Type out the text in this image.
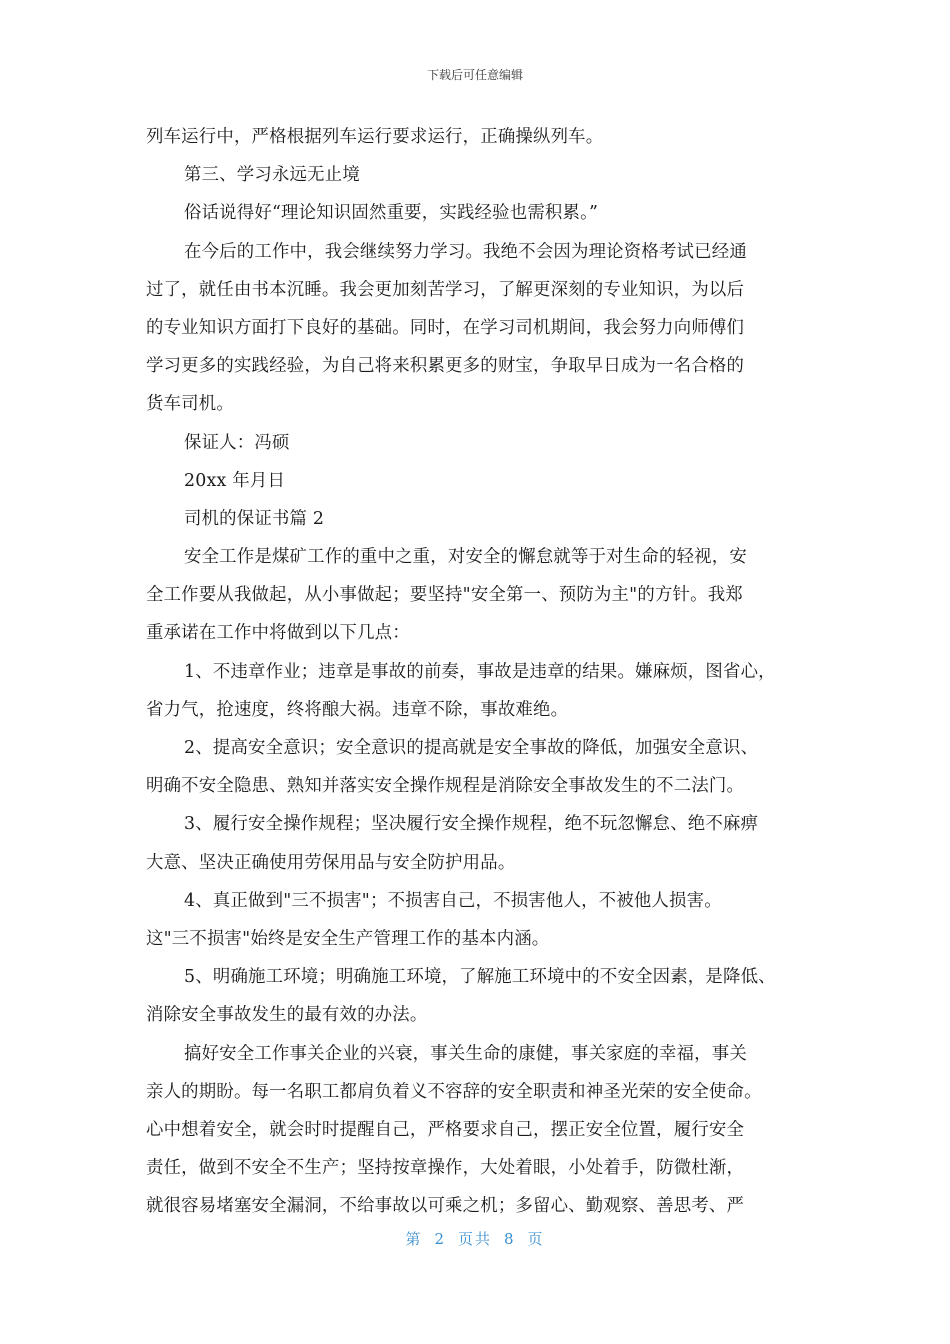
下载后可任意编辑
列车运行中，严格根据列车运行要求运行，正确操纵列车。
第三、学习永远无止境
俗话说得好“理论知识固然重要，实践经验也需积累。”
在今后的工作中，我会继续努力学习。我绝不会因为理论资格考试已经通
过了，就任由书本沉睡。我会更加刻苦学习，了解更深刻的专业知识，为以后
的专业知识方面打下良好的基础。同时，在学习司机期间，我会努力向师傅们
学习更多的实践经验，为自己将来积累更多的财宝，争取早日成为一名合格的
货车司机。
保证人：冯硕
20xx 年月日
司机的保证书篇 2
安全工作是煤矿工作的重中之重，对安全的懈怠就等于对生命的轻视，安
全工作要从我做起，从小事做起；要坚持"安全第一、预防为主"的方针。我郑
重承诺在工作中将做到以下几点：
1、不违章作业；违章是事故的前奏，事故是违章的结果。嫌麻烦，图省心，
省力气，抢速度，终将酿大祸。违章不除，事故难绝。
2、提高安全意识；安全意识的提高就是安全事故的降低，加强安全意识、
明确不安全隐患、熟知并落实安全操作规程是消除安全事故发生的不二法门。
3、履行安全操作规程；坚决履行安全操作规程，绝不玩忽懈怠、绝不麻痹
大意、坚决正确使用劳保用品与安全防护用品。
4、真正做到"三不损害"；不损害自己，不损害他人，不被他人损害。
这"三不损害"始终是安全生产管理工作的基本内涵。
5、明确施工环境；明确施工环境，了解施工环境中的不安全因素，是降低、
消除安全事故发生的最有效的办法。
搞好安全工作事关企业的兴衰，事关生命的康健，事关家庭的幸福，事关
亲人的期盼。每一名职工都肩负着义不容辞的安全职责和神圣光荣的安全使命。
心中想着安全，就会时时提醒自己，严格要求自己，摆正安全位置，履行安全
责任，做到不安全不生产；坚持按章操作，大处着眼，小处着手，防微杜渐，
就很容易堵塞安全漏洞，不给事故以可乘之机；多留心、勤观察、善思考、严
第 2 页共 8 页
